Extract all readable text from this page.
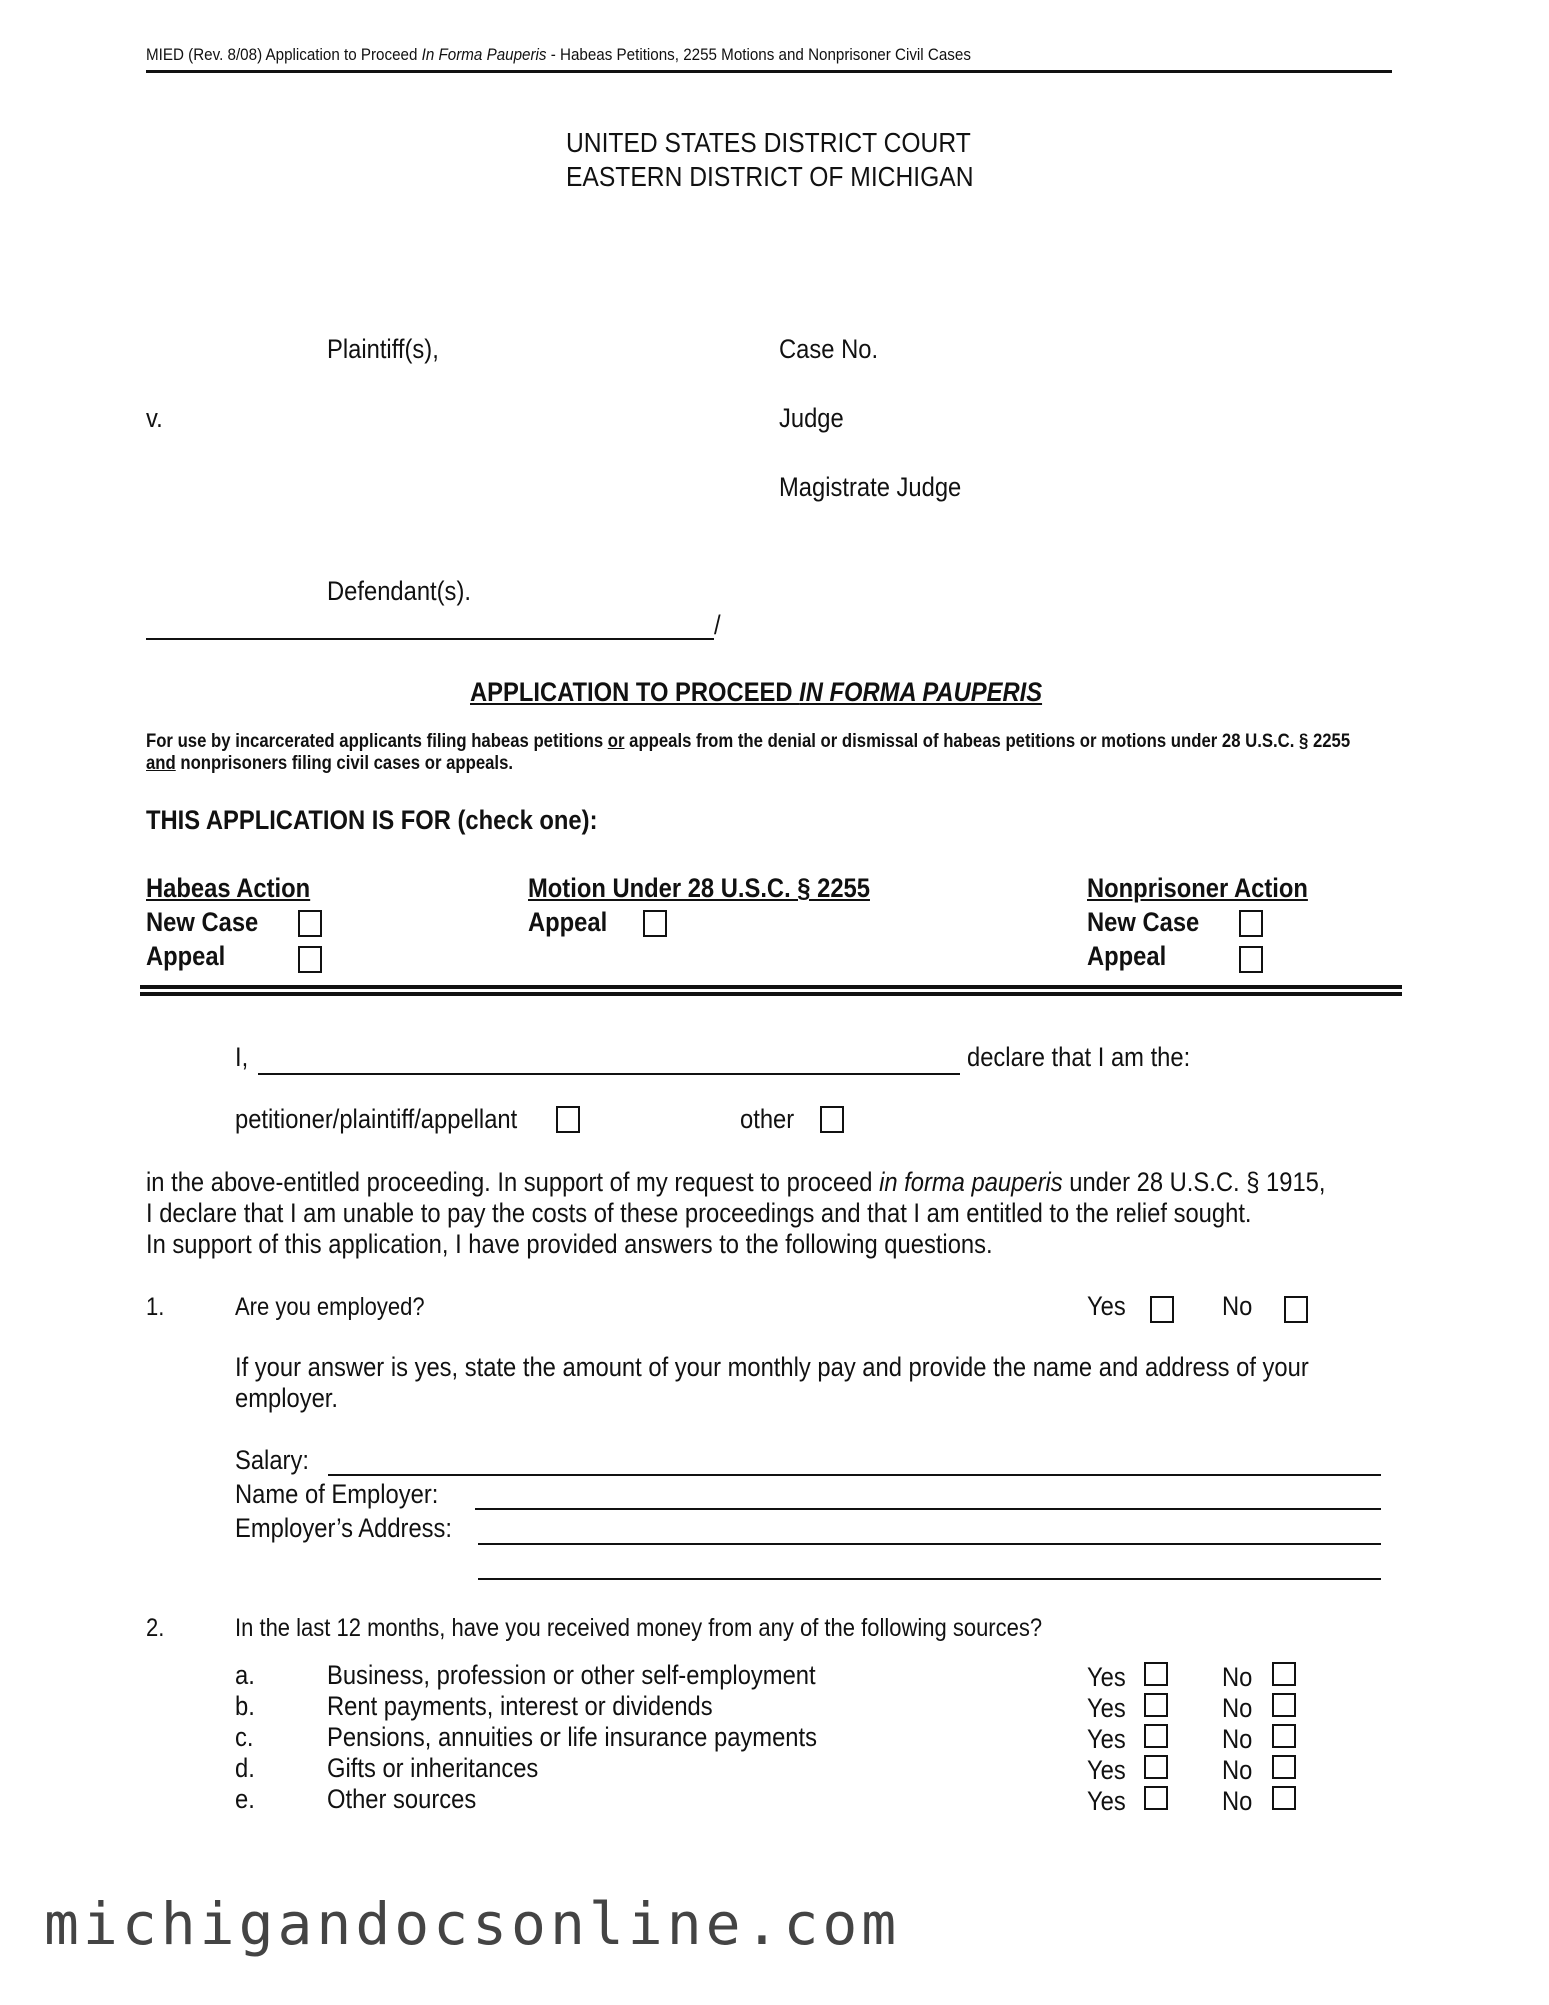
MIED (Rev. 8/08) Application to Proceed In Forma Pauperis - Habeas Petitions, 2255 Motions and Nonprisoner Civil Cases
UNITED STATES DISTRICT COURT
EASTERN DISTRICT OF MICHIGAN
Plaintiff(s),
v.
Defendant(s).
/
Case No.
Judge
Magistrate Judge
APPLICATION TO PROCEED IN FORMA PAUPERIS
For use by incarcerated applicants filing habeas petitions or appeals from the denial or dismissal of habeas petitions or motions under 28 U.S.C. § 2255 and nonprisoners filing civil cases or appeals.
THIS APPLICATION IS FOR (check one):
Habeas Action
New Case
Appeal
Motion Under 28 U.S.C. § 2255
Appeal
Nonprisoner Action
New Case
Appeal
I,	declare that I am the:
petitioner/plaintiff/appellant	other
in the above-entitled proceeding. In support of my request to proceed in forma pauperis under 28 U.S.C. § 1915,
I declare that I am unable to pay the costs of these proceedings and that I am entitled to the relief sought.
In support of this application, I have provided answers to the following questions.
1.	Are you employed?	Yes	No
If your answer is yes, state the amount of your monthly pay and provide the name and address of your employer.
Salary:
Name of Employer:
Employer’s Address:
2.	In the last 12 months, have you received money from any of the following sources?
a.	Business, profession or other self-employment	Yes	No
b.	Rent payments, interest or dividends	Yes	No
c.	Pensions, annuities or life insurance payments	Yes	No
d.	Gifts or inheritances	Yes	No
e.	Other sources	Yes	No
michigandocsonline.com
